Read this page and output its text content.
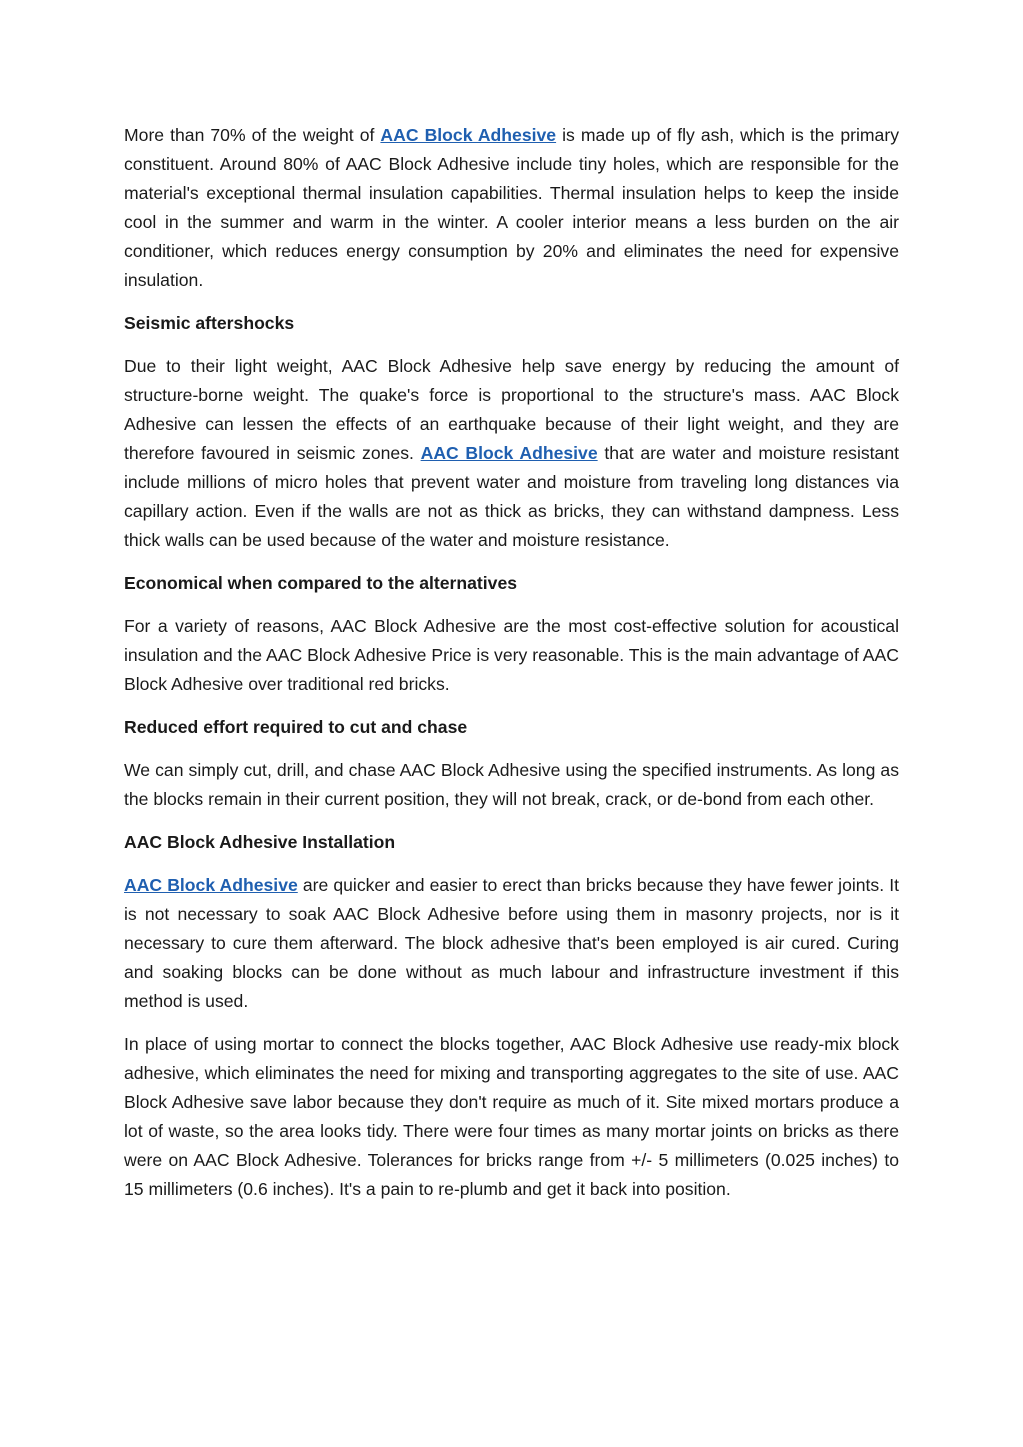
More than 70% of the weight of AAC Block Adhesive is made up of fly ash, which is the primary constituent. Around 80% of AAC Block Adhesive include tiny holes, which are responsible for the material's exceptional thermal insulation capabilities. Thermal insulation helps to keep the inside cool in the summer and warm in the winter. A cooler interior means a less burden on the air conditioner, which reduces energy consumption by 20% and eliminates the need for expensive insulation.

Seismic aftershocks

Due to their light weight, AAC Block Adhesive help save energy by reducing the amount of structure-borne weight. The quake's force is proportional to the structure's mass. AAC Block Adhesive can lessen the effects of an earthquake because of their light weight, and they are therefore favoured in seismic zones. AAC Block Adhesive that are water and moisture resistant include millions of micro holes that prevent water and moisture from traveling long distances via capillary action. Even if the walls are not as thick as bricks, they can withstand dampness. Less thick walls can be used because of the water and moisture resistance.

Economical when compared to the alternatives

For a variety of reasons, AAC Block Adhesive are the most cost-effective solution for acoustical insulation and the AAC Block Adhesive Price is very reasonable. This is the main advantage of AAC Block Adhesive over traditional red bricks.

Reduced effort required to cut and chase

We can simply cut, drill, and chase AAC Block Adhesive using the specified instruments. As long as the blocks remain in their current position, they will not break, crack, or de-bond from each other.

AAC Block Adhesive Installation

AAC Block Adhesive are quicker and easier to erect than bricks because they have fewer joints. It is not necessary to soak AAC Block Adhesive before using them in masonry projects, nor is it necessary to cure them afterward. The block adhesive that's been employed is air cured. Curing and soaking blocks can be done without as much labour and infrastructure investment if this method is used.

In place of using mortar to connect the blocks together, AAC Block Adhesive use ready-mix block adhesive, which eliminates the need for mixing and transporting aggregates to the site of use. AAC Block Adhesive save labor because they don't require as much of it. Site mixed mortars produce a lot of waste, so the area looks tidy. There were four times as many mortar joints on bricks as there were on AAC Block Adhesive. Tolerances for bricks range from +/- 5 millimeters (0.025 inches) to 15 millimeters (0.6 inches). It's a pain to re-plumb and get it back into position.
